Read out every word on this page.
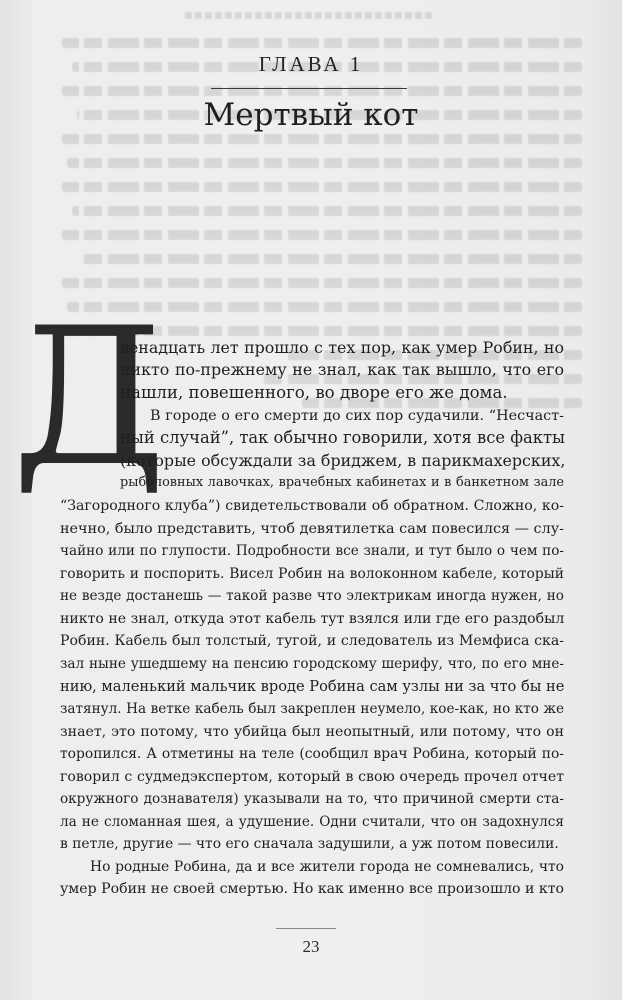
ГЛАВА 1
Мертвый кот
Д
венадцать лет прошло с тех пор, как умер Робин, но
никто по-прежнему не знал, как так вышло, что его
нашли, повешенного, во дворе его же дома.
В городе о его смерти до сих пор судачили. “Несчаст-
ный случай”, так обычно говорили, хотя все факты
(которые обсуждали за бриджем, в парикмахерских,
рыболовных лавочках, врачебных кабинетах и в банкетном зале
“Загородного клуба”) свидетельствовали об обратном. Сложно, ко-
нечно, было представить, чтоб девятилетка сам повесился — слу-
чайно или по глупости. Подробности все знали, и тут было о чем по-
говорить и поспорить. Висел Робин на волоконном кабеле, который
не везде достанешь — такой разве что электрикам иногда нужен, но
никто не знал, откуда этот кабель тут взялся или где его раздобыл
Робин. Кабель был толстый, тугой, и следователь из Мемфиса ска-
зал ныне ушедшему на пенсию городскому шерифу, что, по его мне-
нию, маленький мальчик вроде Робина сам узлы ни за что бы не
затянул. На ветке кабель был закреплен неумело, кое-как, но кто же
знает, это потому, что убийца был неопытный, или потому, что он
торопился. А отметины на теле (сообщил врач Робина, который по-
говорил с судмедэкспертом, который в свою очередь прочел отчет
окружного дознавателя) указывали на то, что причиной смерти ста-
ла не сломанная шея, а удушение. Одни считали, что он задохнулся
в петле, другие — что его сначала задушили, а уж потом повесили.
Но родные Робина, да и все жители города не сомневались, что
умер Робин не своей смертью. Но как именно все произошло и кто
23
